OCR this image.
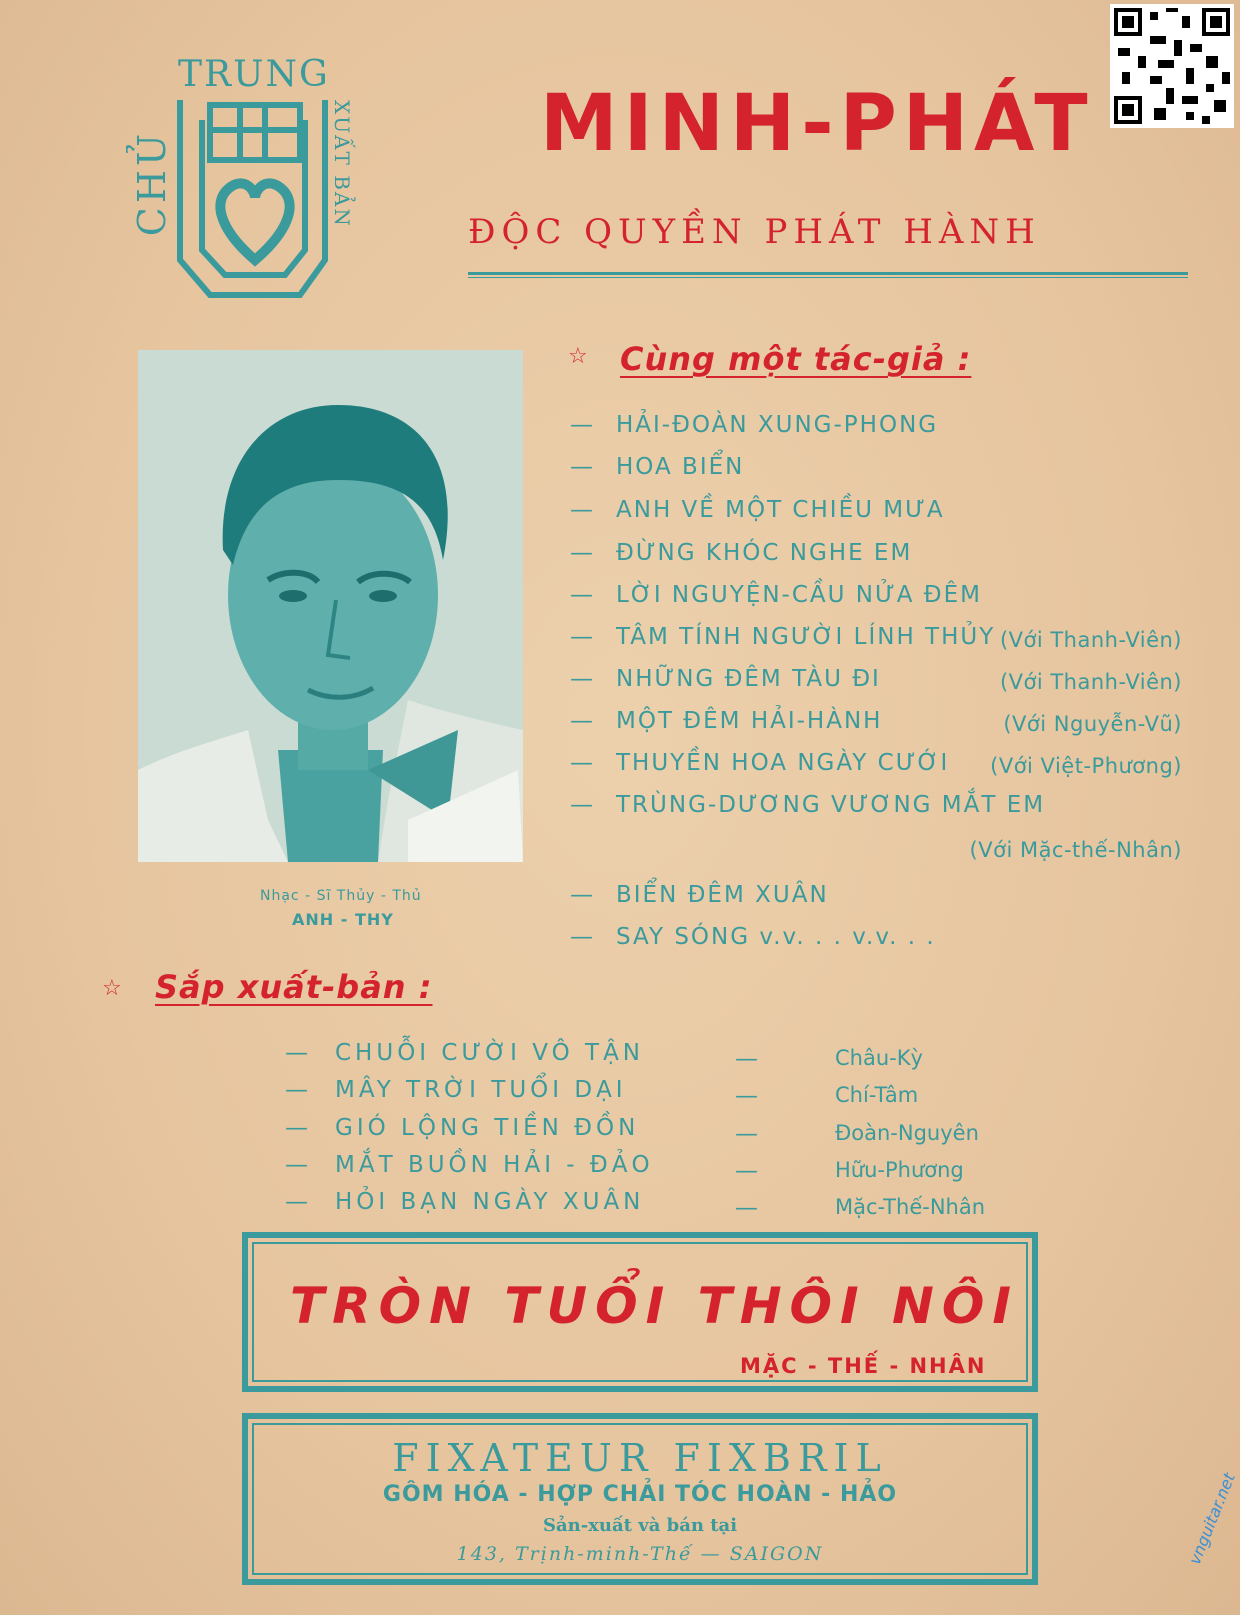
TRUNG
CHỦ	XUẤT BẢN MINH-PHÁT
ĐỘC QUYỀN PHÁT HÀNH
Nhạc - Sĩ Thủy - Thủ
ANH - THY
☆ Cùng một tác-giả :
— HẢI-ĐOÀN XUNG-PHONG
— HOA BIỂN
— ANH VỀ MỘT CHIỀU MƯA
— ĐỪNG KHÓC NGHE EM
— LỜI NGUYỆN-CẦU NỬA ĐÊM
— TÂM TÍNH NGƯỜI LÍNH THỦY (Với Thanh-Viên)
— NHỮNG ĐÊM TÀU ĐI	(Với Thanh-Viên)
— MỘT ĐÊM HẢI-HÀNH	(Với Nguyễn-Vũ)
— THUYỀN HOA NGÀY CƯỚI (Với Việt-Phương)
— TRÙNG-DƯƠNG VƯƠNG MẮT EM
(Với Mặc-thế-Nhân)
— BIỂN ĐÊM XUÂN
— SAY SÓNG v.v. . . v.v. . .
☆ Sắp xuất-bản :
— CHUỖI CƯỜI VÔ TẬN	—	Châu-Kỳ
— MÂY TRỜI TUỔI DẠI	—	Chí-Tâm
— GIÓ LỘNG TIỀN ĐỒN	—	Đoàn-Nguyên
— MẮT BUỒN HẢI - ĐẢO	—	Hữu-Phương
— HỎI BẠN NGÀY XUÂN	—	Mặc-Thế-Nhân
TRÒN TUỔI THÔI NÔI
MẶC - THẾ - NHÂN
FIXATEUR FIXBRIL
GÔM HÓA - HỢP CHẢI TÓC HOÀN - HẢO
Sản-xuất và bán tại
143, Trịnh-minh-Thế — SAIGON	vnguitar.net
